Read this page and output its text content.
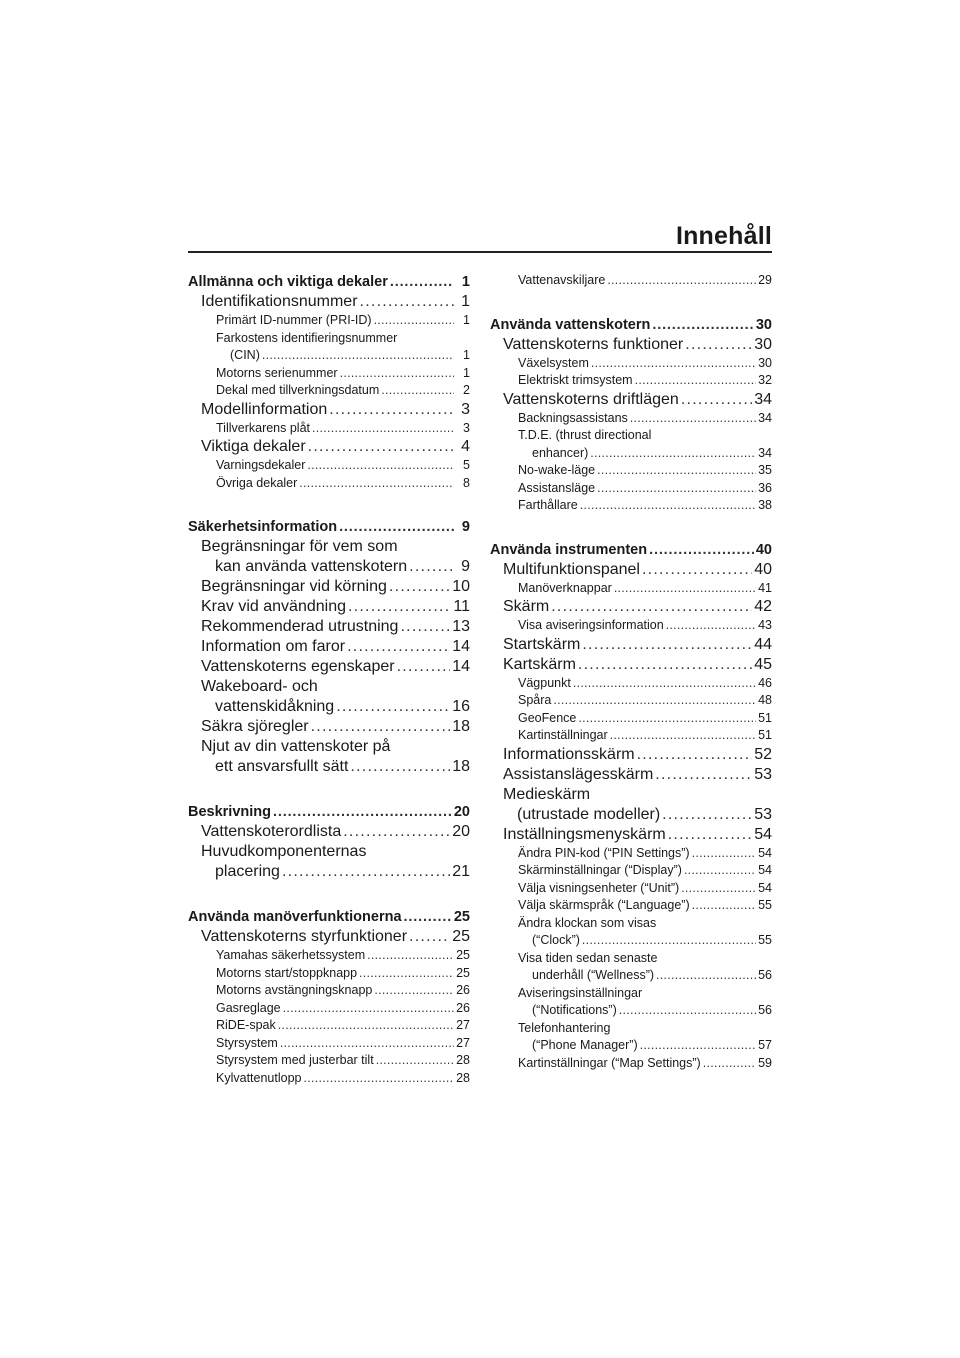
Innehåll
Allmänna och viktiga dekaler . . .	1
Identifikationsnummer . . .	1
Primärt ID-nummer (PRI-ID) . . .	1
Farkostens identifieringsnummer
(CIN) . . .	1
Motorns serienummer . . .	1
Dekal med tillverkningsdatum . . .	2
Modellinformation . . .	3
Tillverkarens plåt . . .	3
Viktiga dekaler . . .	4
Varningsdekaler . . .	5
Övriga dekaler . . .	8
Säkerhetsinformation . . .	9
Begränsningar för vem som
kan använda vattenskotern . . .	9
Begränsningar vid körning . . .	10
Krav vid användning . . .	11
Rekommenderad utrustning . . .	13
Information om faror . . .	14
Vattenskoterns egenskaper . . .	14
Wakeboard- och
vattenskidåkning . . .	16
Säkra sjöregler . . .	18
Njut av din vattenskoter på
ett ansvarsfullt sätt . . .	18
Beskrivning . . .	20
Vattenskoterordlista . . .	20
Huvudkomponenternas
placering . . .	21
Använda manöverfunktionerna . . .	25
Vattenskoterns styrfunktioner . . .	25
Yamahas säkerhetssystem . . .	25
Motorns start/stoppknapp . . .	25
Motorns avstängningsknapp . . .	26
Gasreglage . . .	26
RiDE-spak . . .	27
Styrsystem . . .	27
Styrsystem med justerbar tilt . . .	28
Kylvattenutlopp . . .	28
Vattenavskiljare . . .	29
Använda vattenskotern . . .	30
Vattenskoterns funktioner . . .	30
Växelsystem . . .	30
Elektriskt trimsystem . . .	32
Vattenskoterns driftlägen . . .	34
Backningsassistans . . .	34
T.D.E. (thrust directional
enhancer) . . .	34
No-wake-läge . . .	35
Assistansläge . . .	36
Farthållare . . .	38
Använda instrumenten . . .	40
Multifunktionspanel . . .	40
Manöverknappar . . .	41
Skärm . . .	42
Visa aviseringsinformation . . .	43
Startskärm . . .	44
Kartskärm . . .	45
Vägpunkt . . .	46
Spåra . . .	48
GeoFence . . .	51
Kartinställningar . . .	51
Informationsskärm . . .	52
Assistanslägesskärm . . .	53
Medieskärm
(utrustade modeller) . . .	53
Inställningsmenyskärm . . .	54
Ändra PIN-kod (“PIN Settings”) . . .	54
Skärminställningar (“Display”) . . .	54
Välja visningsenheter (“Unit”) . . .	54
Välja skärmspråk (“Language”) . . .	55
Ändra klockan som visas
(“Clock”) . . .	55
Visa tiden sedan senaste
underhåll (“Wellness”) . . .	56
Aviseringsinställningar
(“Notifications”) . . .	56
Telefonhantering
(“Phone Manager”) . . .	57
Kartinställningar (“Map Settings”) . . .	59
